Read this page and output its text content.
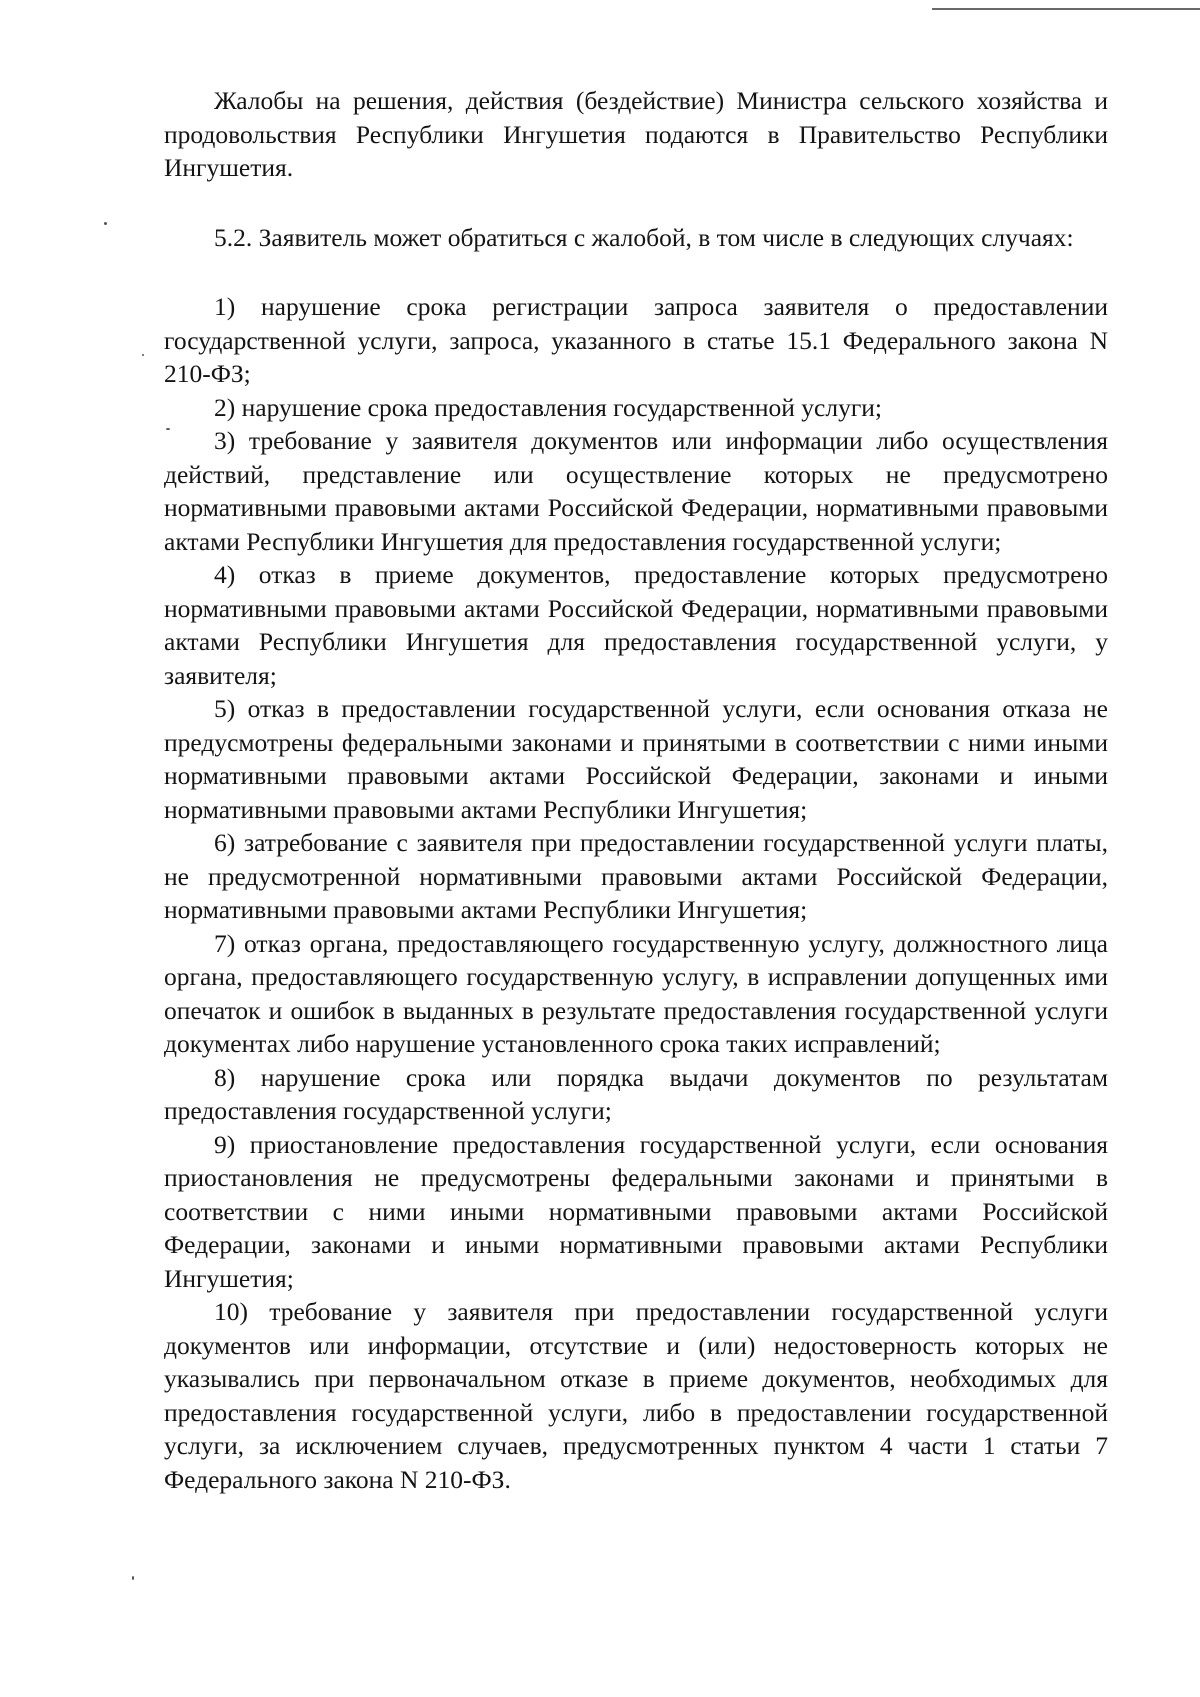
Жалобы на решения, действия (бездействие) Министра сельского хозяйства и продовольствия Республики Ингушетия подаются в Правительство Республики Ингушетия.

5.2. Заявитель может обратиться с жалобой, в том числе в следующих случаях:

1) нарушение срока регистрации запроса заявителя о предоставлении государственной услуги, запроса, указанного в статье 15.1 Федерального закона N 210-ФЗ;

2) нарушение срока предоставления государственной услуги;

3) требование у заявителя документов или информации либо осуществления действий, представление или осуществление которых не предусмотрено нормативными правовыми актами Российской Федерации, нормативными правовыми актами Республики Ингушетия для предоставления государственной услуги;

4) отказ в приеме документов, предоставление которых предусмотрено нормативными правовыми актами Российской Федерации, нормативными правовыми актами Республики Ингушетия для предоставления государственной услуги, у заявителя;

5) отказ в предоставлении государственной услуги, если основания отказа не предусмотрены федеральными законами и принятыми в соответствии с ними иными нормативными правовыми актами Российской Федерации, законами и иными нормативными правовыми актами Республики Ингушетия;

6) затребование с заявителя при предоставлении государственной услуги платы, не предусмотренной нормативными правовыми актами Российской Федерации, нормативными правовыми актами Республики Ингушетия;

7) отказ органа, предоставляющего государственную услугу, должностного лица органа, предоставляющего государственную услугу, в исправлении допущенных ими опечаток и ошибок в выданных в результате предоставления государственной услуги документах либо нарушение установленного срока таких исправлений;

8) нарушение срока или порядка выдачи документов по результатам предоставления государственной услуги;

9) приостановление предоставления государственной услуги, если основания приостановления не предусмотрены федеральными законами и принятыми в соответствии с ними иными нормативными правовыми актами Российской Федерации, законами и иными нормативными правовыми актами Республики Ингушетия;

10) требование у заявителя при предоставлении государственной услуги документов или информации, отсутствие и (или) недостоверность которых не указывались при первоначальном отказе в приеме документов, необходимых для предоставления государственной услуги, либо в предоставлении государственной услуги, за исключением случаев, предусмотренных пунктом 4 части 1 статьи 7 Федерального закона N 210-ФЗ.
